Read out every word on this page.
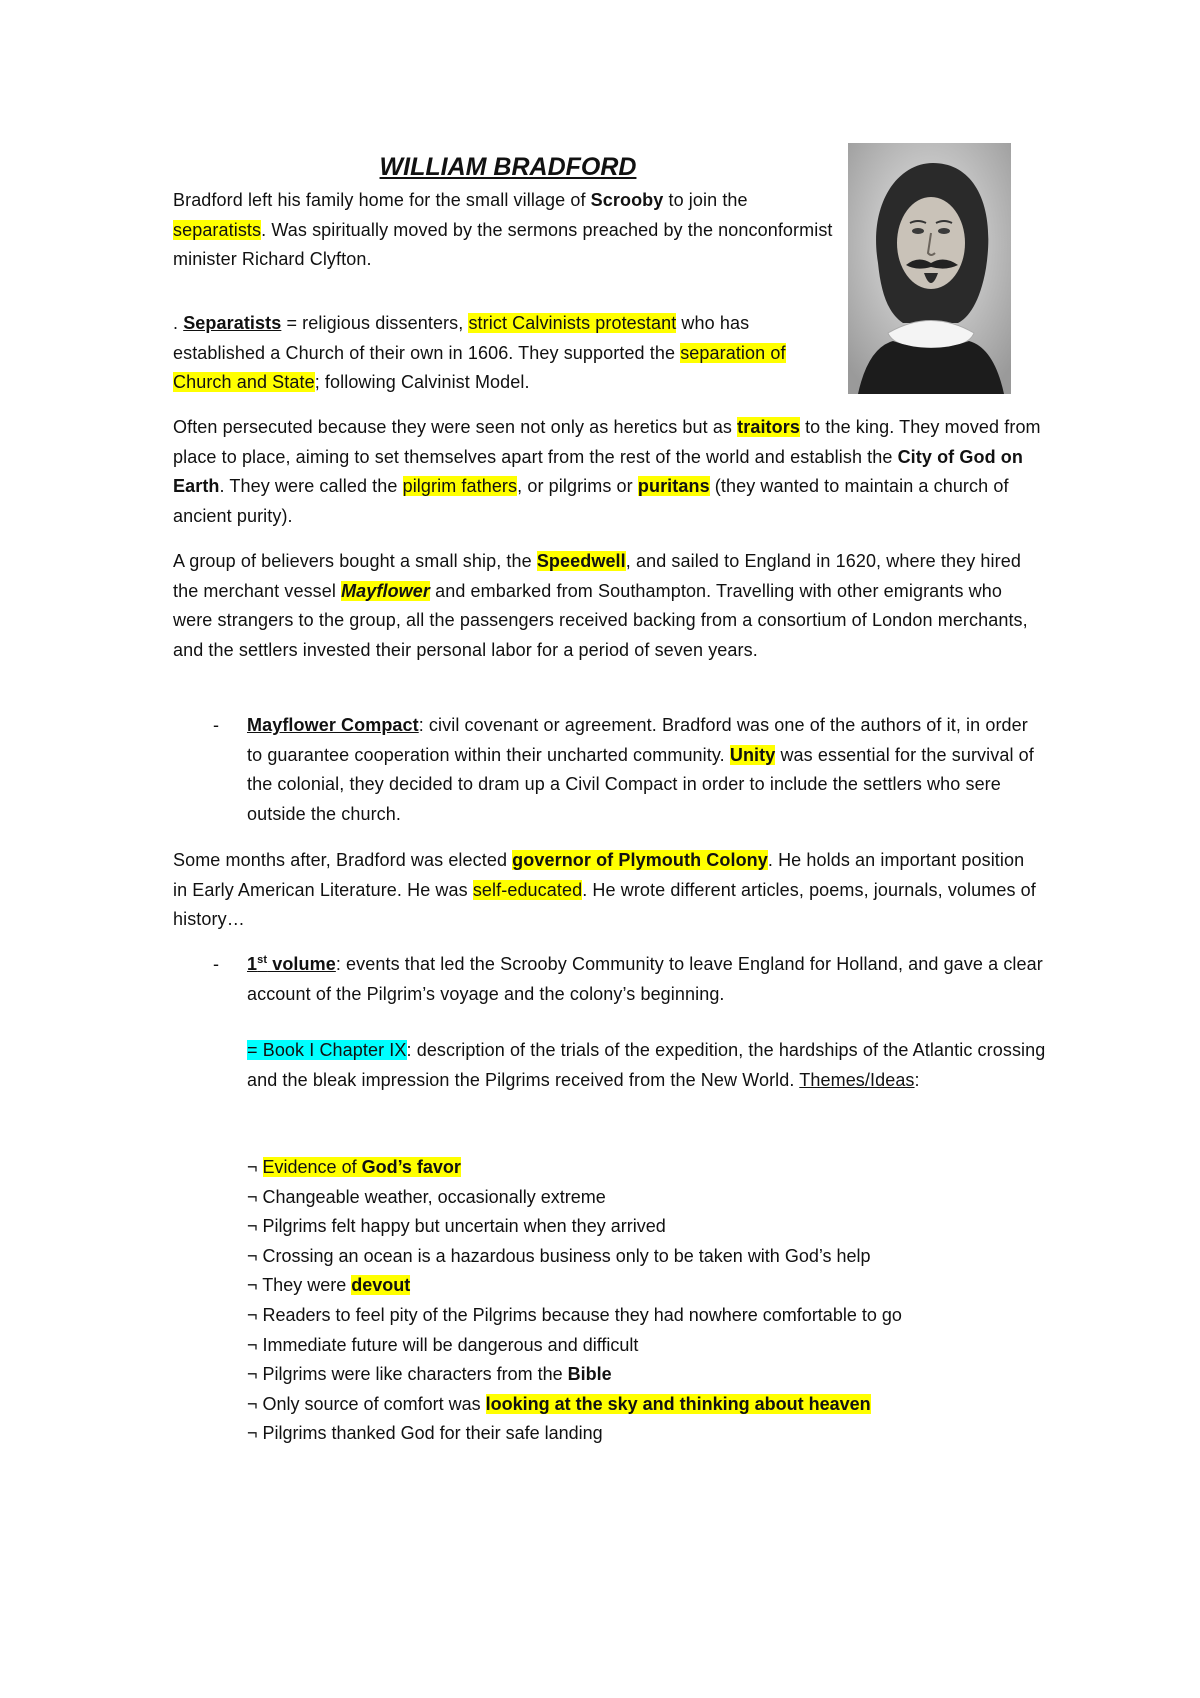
WILLIAM BRADFORD

Bradford left his family home for the small village of Scrooby to join the separatists. Was spiritually moved by the sermons preached by the nonconformist minister Richard Clyfton.

. Separatists = religious dissenters, strict Calvinists protestant who has established a Church of their own in 1606. They supported the separation of Church and State; following Calvinist Model.

Often persecuted because they were seen not only as heretics but as traitors to the king. They moved from place to place, aiming to set themselves apart from the rest of the world and establish the City of God on Earth. They were called the pilgrim fathers, or pilgrims or puritans (they wanted to maintain a church of ancient purity).

A group of believers bought a small ship, the Speedwell, and sailed to England in 1620, where they hired the merchant vessel Mayflower and embarked from Southampton. Travelling with other emigrants who were strangers to the group, all the passengers received backing from a consortium of London merchants, and the settlers invested their personal labor for a period of seven years.

- Mayflower Compact: civil covenant or agreement. Bradford was one of the authors of it, in order to guarantee cooperation within their uncharted community. Unity was essential for the survival of the colonial, they decided to dram up a Civil Compact in order to include the settlers who sere outside the church.

Some months after, Bradford was elected governor of Plymouth Colony. He holds an important position in Early American Literature. He was self-educated. He wrote different articles, poems, journals, volumes of history…

- 1st volume: events that led the Scrooby Community to leave England for Holland, and gave a clear account of the Pilgrim’s voyage and the colony’s beginning.

= Book I Chapter IX: description of the trials of the expedition, the hardships of the Atlantic crossing and the bleak impression the Pilgrims received from the New World. Themes/Ideas:

¬ Evidence of God’s favor
¬ Changeable weather, occasionally extreme
¬ Pilgrims felt happy but uncertain when they arrived
¬ Crossing an ocean is a hazardous business only to be taken with God’s help
¬ They were devout
¬ Readers to feel pity of the Pilgrims because they had nowhere comfortable to go
¬ Immediate future will be dangerous and difficult
¬ Pilgrims were like characters from the Bible
¬ Only source of comfort was looking at the sky and thinking about heaven
¬ Pilgrims thanked God for their safe landing
